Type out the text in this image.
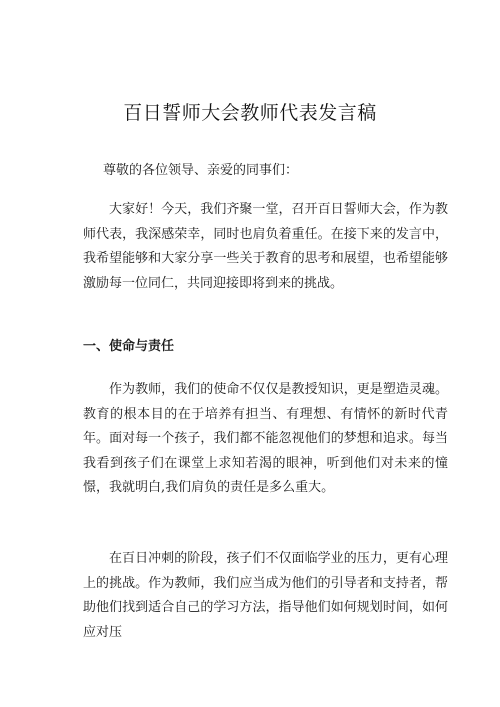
百日誓师大会教师代表发言稿

尊敬的各位领导、亲爱的同事们：

大家好！今天，我们齐聚一堂，召开百日誓师大会，作为教师代表，我深感荣幸，同时也肩负着重任。在接下来的发言中，我希望能够和大家分享一些关于教育的思考和展望，也希望能够激励每一位同仁，共同迎接即将到来的挑战。

一、使命与责任

作为教师，我们的使命不仅仅是教授知识，更是塑造灵魂。教育的根本目的在于培养有担当、有理想、有情怀的新时代青年。面对每一个孩子，我们都不能忽视他们的梦想和追求。每当我看到孩子们在课堂上求知若渴的眼神，听到他们对未来的憧憬，我就明白,我们肩负的责任是多么重大。

在百日冲刺的阶段，孩子们不仅面临学业的压力，更有心理上的挑战。作为教师，我们应当成为他们的引导者和支持者，帮助他们找到适合自己的学习方法，指导他们如何规划时间，如何应对压
